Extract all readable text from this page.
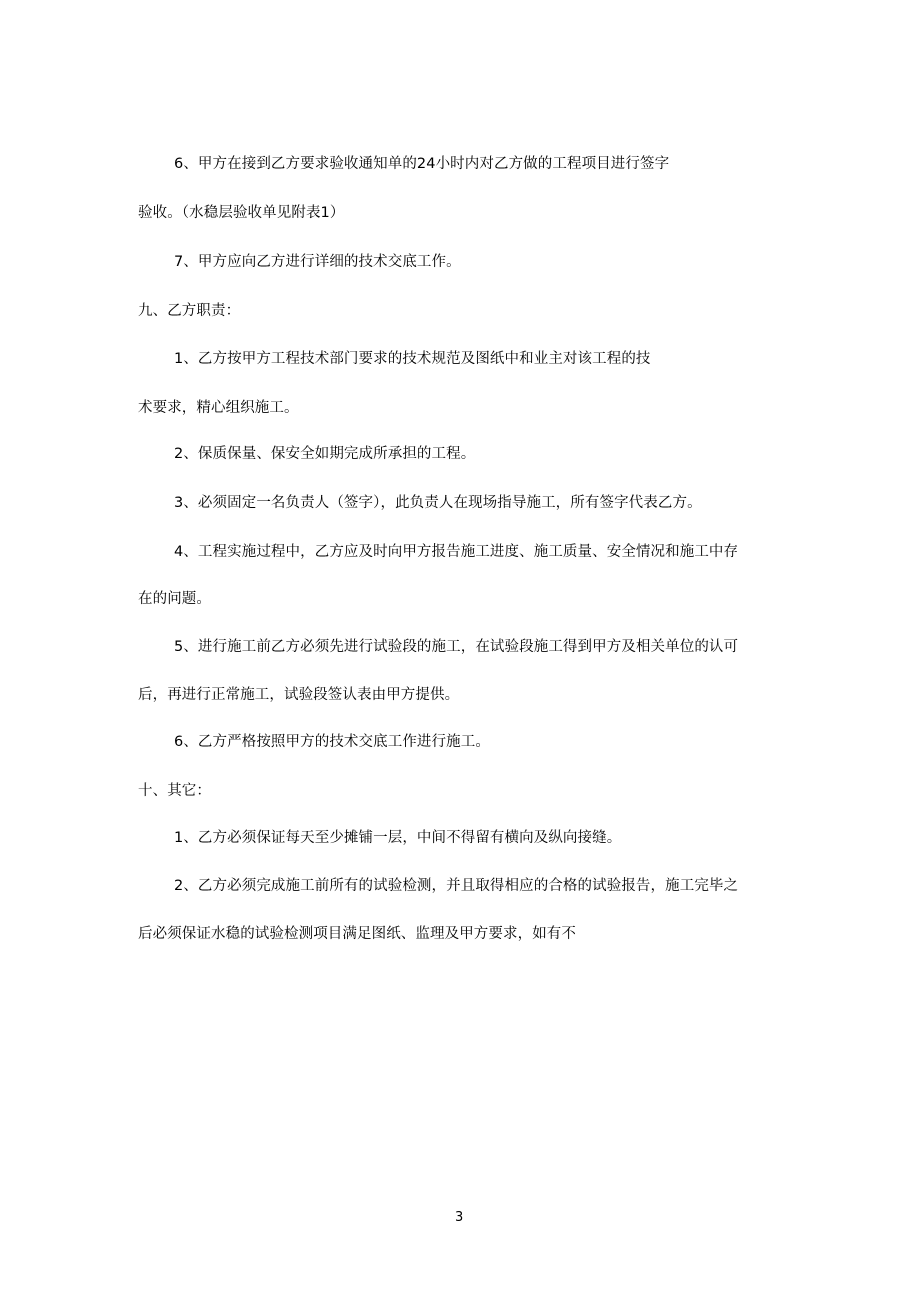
6、甲方在接到乙方要求验收通知单的24小时内对乙方做的工程项目进行签字
验收。（水稳层验收单见附表1）
7、甲方应向乙方进行详细的技术交底工作。
九、乙方职责：
1、乙方按甲方工程技术部门要求的技术规范及图纸中和业主对该工程的技
术要求，精心组织施工。
2、保质保量、保安全如期完成所承担的工程。
3、必须固定一名负责人（签字），此负责人在现场指导施工，所有签字代表乙方。
4、工程实施过程中，乙方应及时向甲方报告施工进度、施工质量、安全情况和施工中存
在的问题。
5、进行施工前乙方必须先进行试验段的施工，在试验段施工得到甲方及相关单位的认可
后，再进行正常施工，试验段签认表由甲方提供。
6、乙方严格按照甲方的技术交底工作进行施工。
十、其它：
1、乙方必须保证每天至少摊铺一层，中间不得留有横向及纵向接缝。
2、乙方必须完成施工前所有的试验检测，并且取得相应的合格的试验报告，施工完毕之
后必须保证水稳的试验检测项目满足图纸、监理及甲方要求，如有不
3
